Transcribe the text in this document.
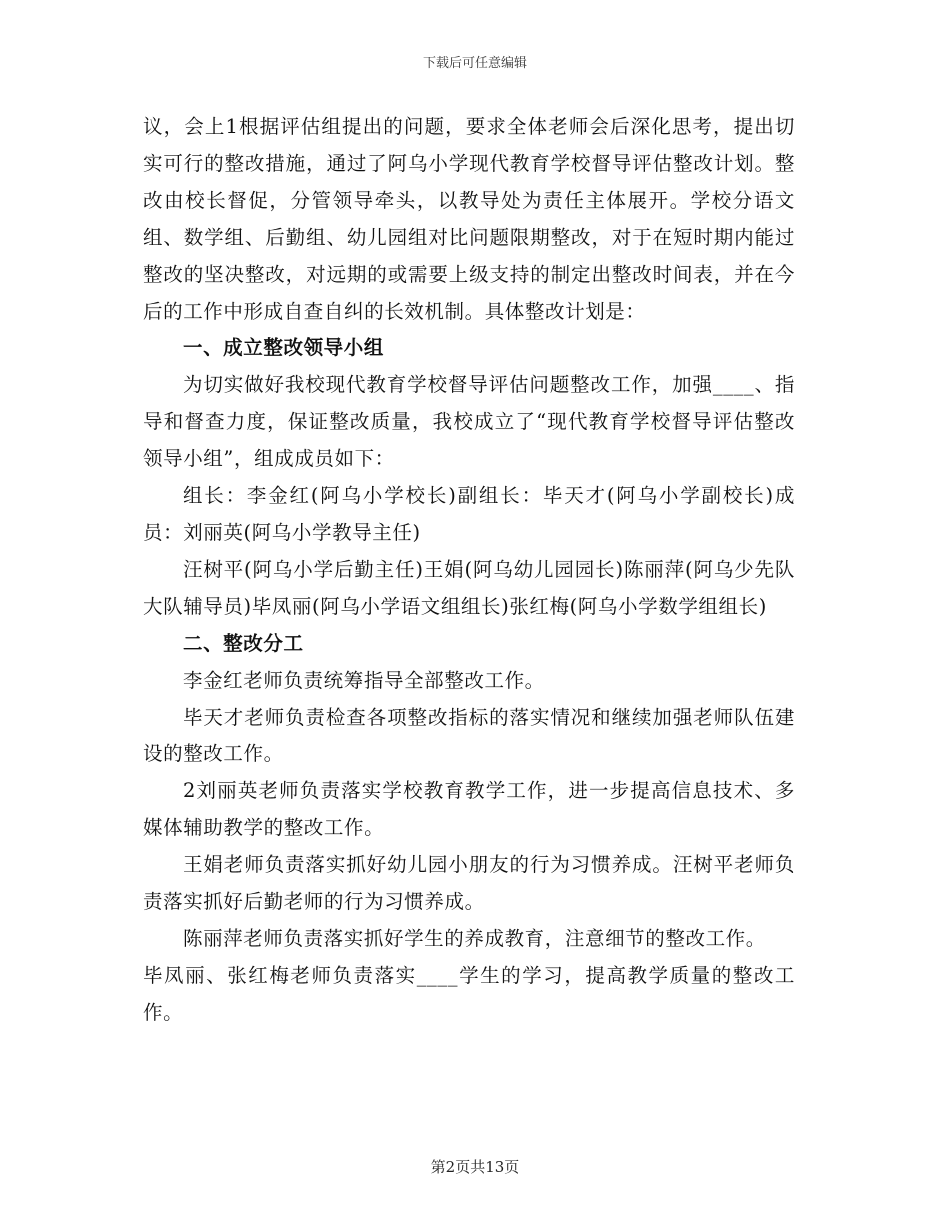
下载后可任意编辑

议，会上1根据评估组提出的问题，要求全体老师会后深化思考，提出切实可行的整改措施，通过了阿乌小学现代教育学校督导评估整改计划。整改由校长督促，分管领导牵头，以教导处为责任主体展开。学校分语文组、数学组、后勤组、幼儿园组对比问题限期整改，对于在短时期内能过整改的坚决整改，对远期的或需要上级支持的制定出整改时间表，并在今后的工作中形成自查自纠的长效机制。具体整改计划是：

一、成立整改领导小组

为切实做好我校现代教育学校督导评估问题整改工作，加强____、指导和督查力度，保证整改质量，我校成立了“现代教育学校督导评估整改领导小组”，组成成员如下：

组长：李金红(阿乌小学校长)副组长：毕天才(阿乌小学副校长)成员：刘丽英(阿乌小学教导主任)

汪树平(阿乌小学后勤主任)王娟(阿乌幼儿园园长)陈丽萍(阿乌少先队大队辅导员)毕凤丽(阿乌小学语文组组长)张红梅(阿乌小学数学组组长)

二、整改分工

李金红老师负责统筹指导全部整改工作。

毕天才老师负责检查各项整改指标的落实情况和继续加强老师队伍建设的整改工作。

2刘丽英老师负责落实学校教育教学工作，进一步提高信息技术、多媒体辅助教学的整改工作。

王娟老师负责落实抓好幼儿园小朋友的行为习惯养成。汪树平老师负责落实抓好后勤老师的行为习惯养成。

陈丽萍老师负责落实抓好学生的养成教育，注意细节的整改工作。

毕凤丽、张红梅老师负责落实____学生的学习，提高教学质量的整改工作。

第2页共13页
